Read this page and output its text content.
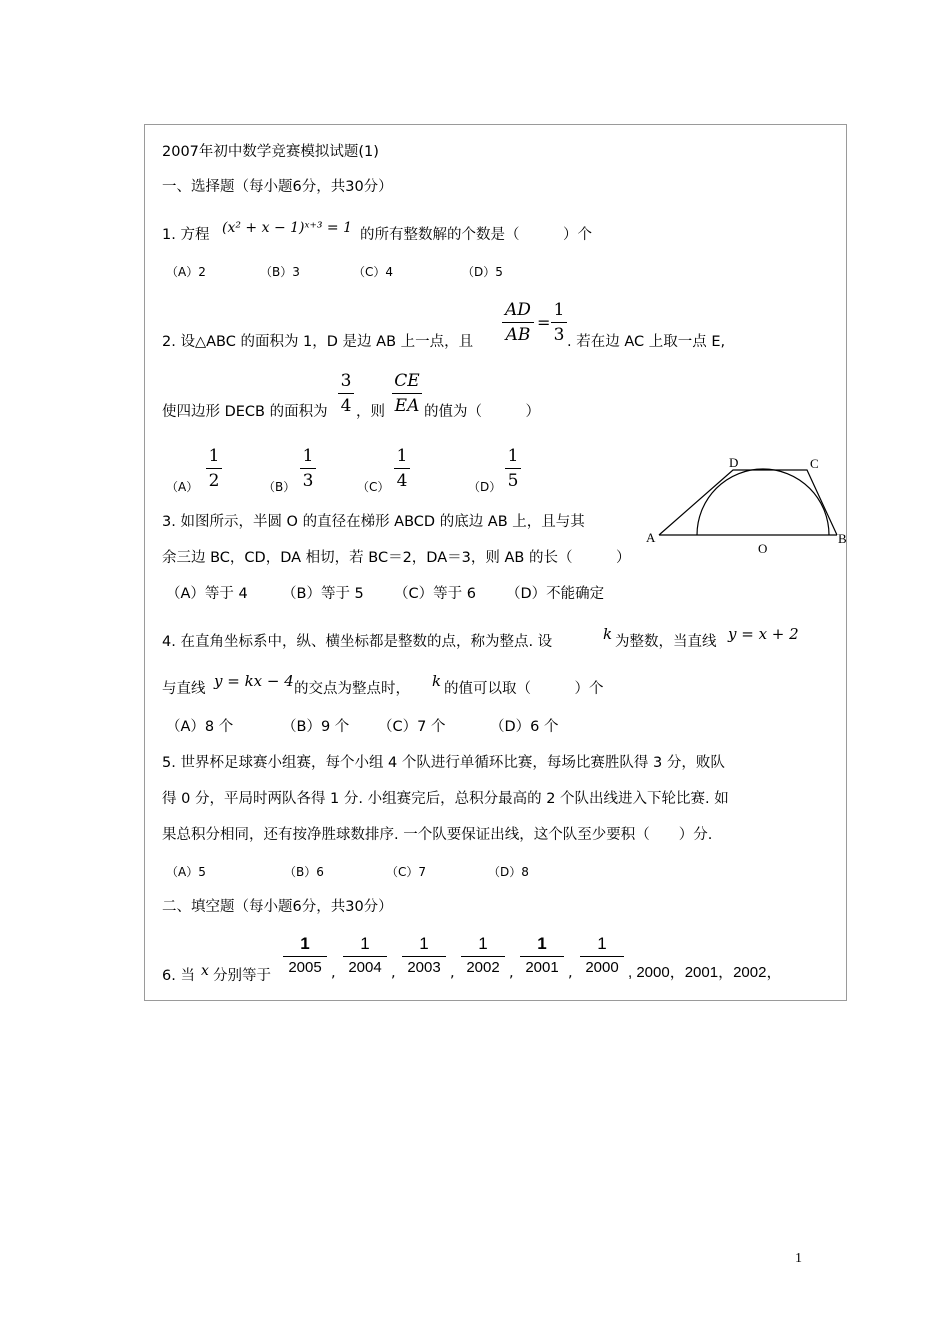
2007年初中数学竞赛模拟试题(1)
一、选择题（每小题6分，共30分）
1. 方程 (x² + x − 1)ˣ⁺³ = 1 的所有整数解的个数是（　　　）个
（A）2	（B）3	（C）4	（D）5
2. 设△ABC 的面积为 1，D 是边 AB 上一点，且
AD
AB
=
1
3 . 若在边 AC 上取一点 E,
使四边形 DECB 的面积为
3
4 ，则
CE
EA 的值为（　　　）
（A）
1
2	（B）
1
3	（C）
1
4	（D）
1
5
A	B
C
D
O
3. 如图所示，半圆 O 的直径在梯形 ABCD 的底边 AB 上，且与其
余三边 BC，CD，DA 相切，若 BC＝2，DA＝3，则 AB 的长（　　　）
（A）等于 4 （B）等于 5 （C）等于 6 （D）不能确定
4. 在直角坐标系中，纵、横坐标都是整数的点，称为整点. 设	k 为整数，当直线 y = x + 2
与直线 y = kx − 4 的交点为整点时， k 的值可以取（　　　）个
（A）8 个	（B）9 个 （C）7 个	（D）6 个
5. 世界杯足球赛小组赛，每个小组 4 个队进行单循环比赛，每场比赛胜队得 3 分，败队
得 0 分，平局时两队各得 1 分. 小组赛完后，总积分最高的 2 个队出线进入下轮比赛. 如
果总积分相同，还有按净胜球数排序. 一个队要保证出线，这个队至少要积（　　）分.
（A）5	（B）6	（C）7	（D）8
二、填空题（每小题6分，共30分）
6. 当 x 分别等于
1
2005 ,
1
2004 ,
1
2003 ,
1
2002 ,
1
2001 ,
1
2000 , 2000，2001，2002，
1
